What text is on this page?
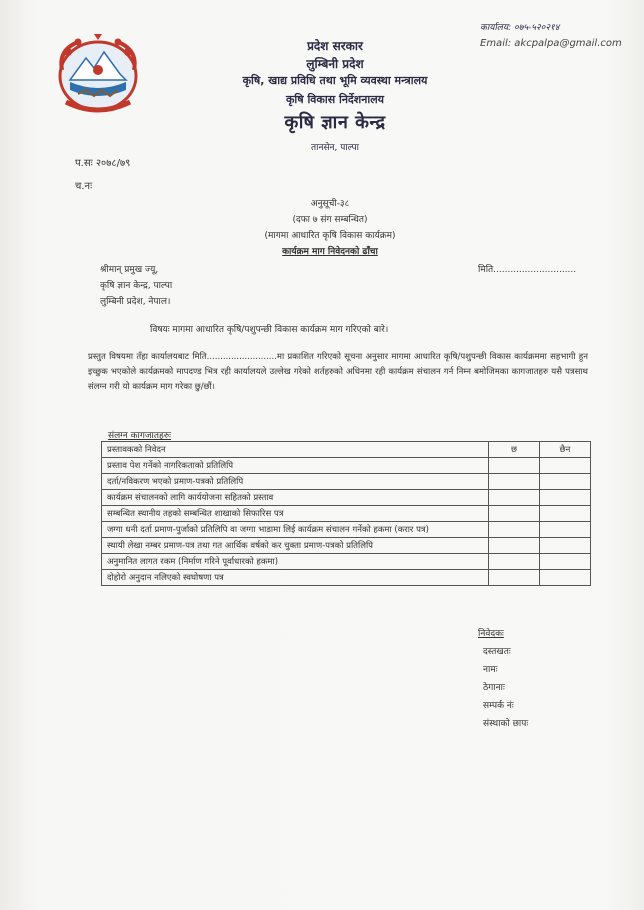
प्रदेश सरकार
लुम्बिनी प्रदेश
कृषि, खाद्य प्रविधि तथा भूमि व्यवस्था मन्त्रालय
कृषि विकास निर्देशनालय
कृषि ज्ञान केन्द्र
तानसेन, पाल्पा
कार्यालय: ०७५-५२०२१४
Email: akcpalpa@gmail.com
प.सः २०७८/७९
च.नः
अनुसूची-३८
(दफा ७ संग सम्बन्धित)
(मागमा आधारित कृषि विकास कार्यक्रम)
कार्यक्रम माग निवेदनको ढाँचा
श्रीमान् प्रमुख ज्यू,
कृषि ज्ञान केन्द्र, पाल्पा
लुम्बिनी प्रदेश, नेपाल।
मिति.............................
विषयः मागमा आधारित कृषि/पशुपन्छी विकास कार्यक्रम माग गरिएको बारे।
प्रस्तुत विषयमा तँहा कार्यालयबाट मिति..........................मा प्रकाशित गरिएको सूचना अनुसार मागमा आधारित कृषि/पशुपन्छी विकास कार्यक्रममा सहभागी हुन इच्छुक भएकोले कार्यक्रमको मापदण्ड भित्र रही कार्यालयले उल्लेख गरेको शर्तहरुको अधिनमा रही कार्यक्रम संचालन गर्न निम्न बमोजिमका कागजातहरु यसै पत्रसाथ संलग्न गरी यो कार्यक्रम माग गरेका छु/छौं।
संलग्न कागजातहरुः
प्रस्तावकको निवेदन	छ	छैन
प्रस्ताव पेश गर्नेको नागरिकताको प्रतिलिपि		
दर्ता/नविकरण भएको प्रमाण-पत्रको प्रतिलिपि		
कार्यक्रम संचालनको लागि कार्ययोजना सहितको प्रस्ताव		
सम्बन्धित स्थानीय तहको सम्बन्धित शाखाको सिफारिस पत्र		
जग्गा धनी दर्ता प्रमाण-पुर्जाको प्रतिलिपि वा जग्गा भाडामा लिई कार्यक्रम संचालन गर्नेको हकमा (करार पत्र)		
स्थायी लेखा नम्बर प्रमाण-पत्र तथा गत आर्थिक वर्षको कर चुक्ता प्रमाण-पत्रको प्रतिलिपि		
अनुमानित लागत रकम (निर्माण गरिने पूर्वाधारको हकमा)		
दोहोरो अनुदान नलिएको स्वघोषणा पत्र		
निवेदकः
दस्तखतः
नामः
ठेगानाः
सम्पर्क नंः
संस्थाको छापः
